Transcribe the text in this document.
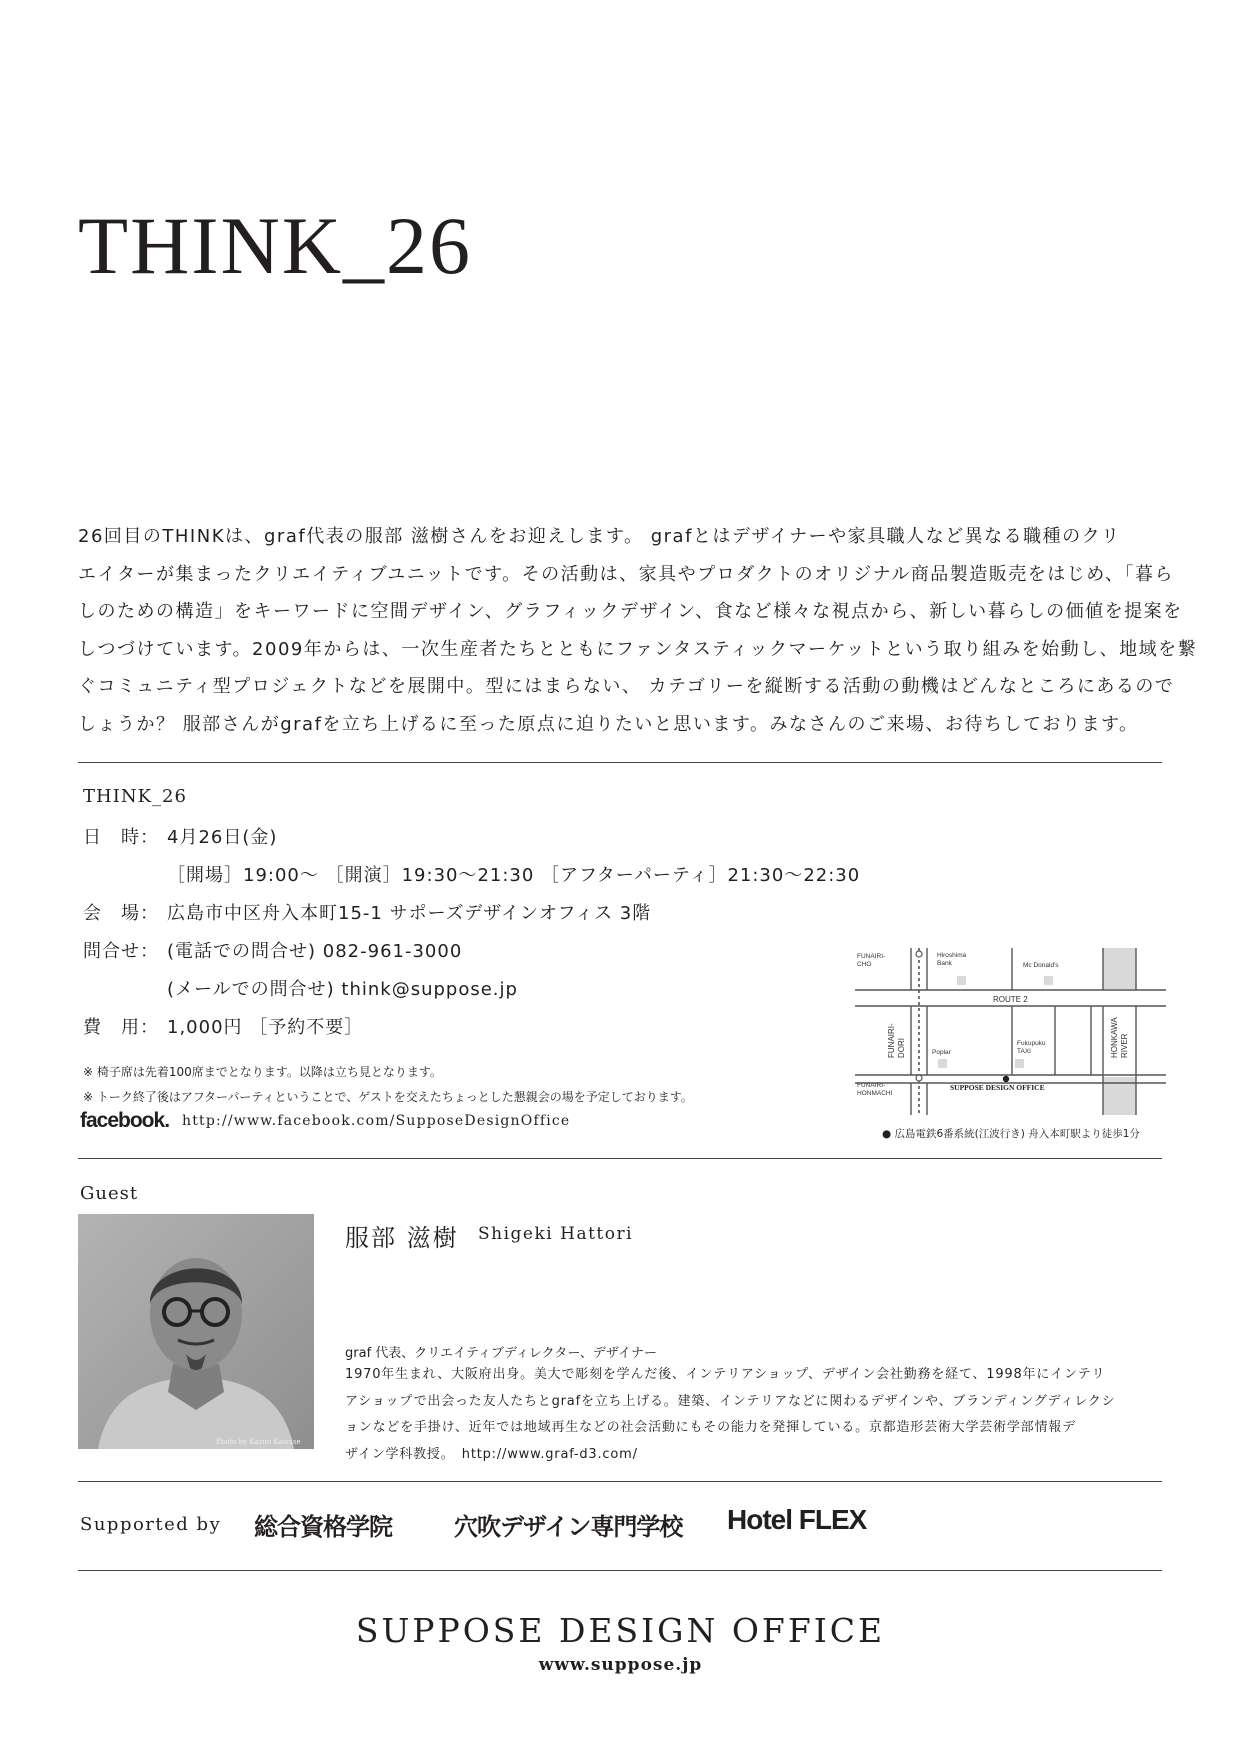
THINK_26
26回目のTHINKは、graf代表の服部 滋樹さんをお迎えします。 grafとはデザイナーや家具職人など異なる職種のクリ
エイターが集まったクリエイティブユニットです。その活動は、家具やプロダクトのオリジナル商品製造販売をはじめ、「暮ら
しのための構造」をキーワードに空間デザイン、グラフィックデザイン、食など様々な視点から、新しい暮らしの価値を提案を
しつづけています。2009年からは、一次生産者たちとともにファンタスティックマーケットという取り組みを始動し、地域を繋
ぐコミュニティ型プロジェクトなどを展開中。型にはまらない、 カテゴリーを縦断する活動の動機はどんなところにあるので
しょうか？ 服部さんがgrafを立ち上げるに至った原点に迫りたいと思います。みなさんのご来場、お待ちしております。
THINK_26
日　時： 4月26日(金)
［開場］19:00～ ［開演］19:30～21:30 ［アフターパーティ］21:30～22:30
会　場： 広島市中区舟入本町15-1 サポーズデザインオフィス 3階
問合せ： (電話での問合せ) 082-961-3000
(メールでの問合せ) think@suppose.jp
費　用： 1,000円 ［予約不要］
※ 椅子席は先着100席までとなります。以降は立ち見となります。
※ トーク終了後はアフターパーティということで、ゲストを交えたちょっとした懇親会の場を予定しております。
facebook. http://www.facebook.com/SupposeDesignOffice
FUNAIRI-
CHO
Hiroshima
Bank	Mc Donald's
ROUTE 2
Poplar
Fukupuku
TAXI
FUNAIRI-
HONMACHI
SUPPOSE DESIGN OFFICE
FUNAIRI- DORI	HONKAWA RIVER
● 広島電鉄6番系統(江波行き) 舟入本町駅より徒歩1分
Guest
Photo by Kazuo Kawase
服部 滋樹 Shigeki Hattori
graf 代表、クリエイティブディレクター、デザイナー
1970年生まれ、大阪府出身。美大で彫刻を学んだ後、インテリアショップ、デザイン会社勤務を経て、1998年にインテリ
アショップで出会った友人たちとgrafを立ち上げる。建築、インテリアなどに関わるデザインや、ブランディングディレクシ
ョンなどを手掛け、近年では地域再生などの社会活動にもその能力を発揮している。京都造形芸術大学芸術学部情報デ
ザイン学科教授。　http://www.graf-d3.com/
Supported by 総合資格学院	穴吹デザイン専門学校 Hotel FLEX
SUPPOSE DESIGN OFFICE
www.suppose.jp
